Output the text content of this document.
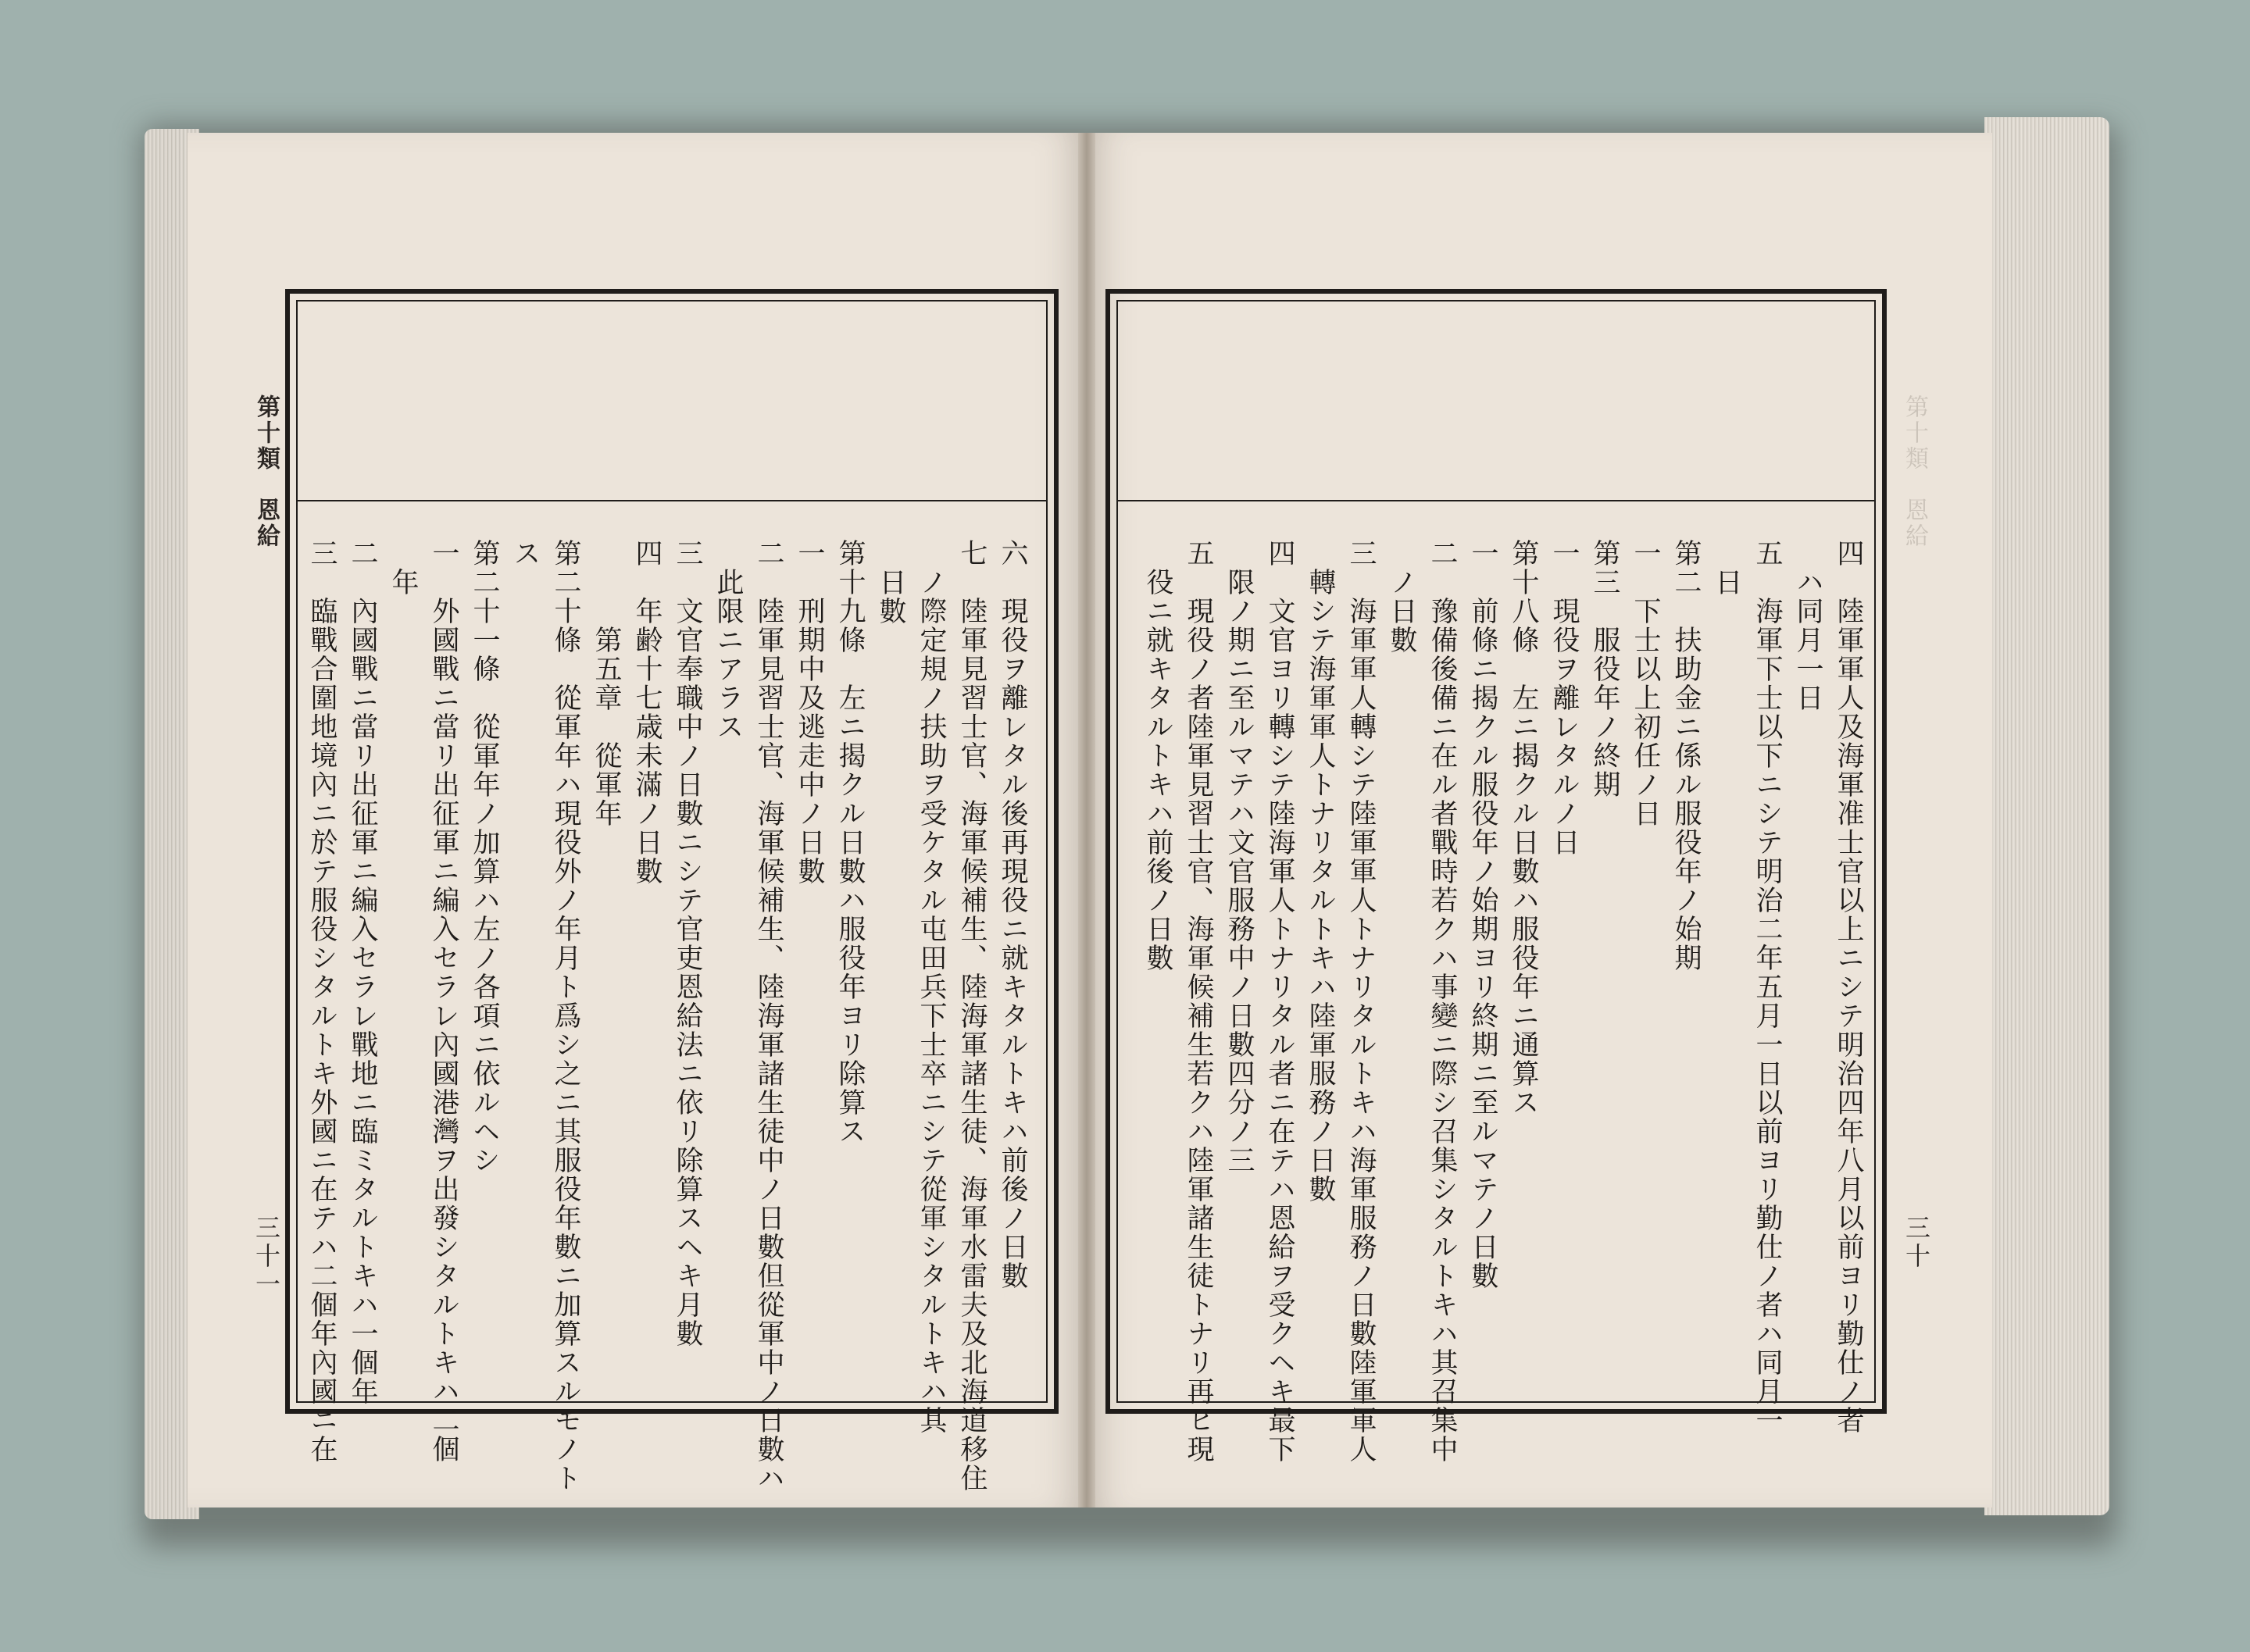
第十類　恩給
三十一
第十類　恩給
三十
六　現役ヲ離レタル後再現役ニ就キタルトキハ前後ノ日數
七　陸軍見習士官、海軍候補生、陸海軍諸生徒、海軍水雷夫及北海道移住
　ノ際定規ノ扶助ヲ受ケタル屯田兵下士卒ニシテ從軍シタルトキハ其
　日數
第十九條　左ニ揭クル日數ハ服役年ヨリ除算ス
一　刑期中及逃走中ノ日數
二　陸軍見習士官、海軍候補生、陸海軍諸生徒中ノ日數但從軍中ノ日數ハ
　此限ニアラス
三　文官奉職中ノ日數ニシテ官吏恩給法ニ依リ除算スヘキ月數
四　年齢十七歳未滿ノ日數
　　　第五章　從軍年
第二十條　從軍年ハ現役外ノ年月ト爲シ之ニ其服役年數ニ加算スルモノト
ス
第二十一條　從軍年ノ加算ハ左ノ各項ニ依ルヘシ
一　外國戰ニ當リ出征軍ニ編入セラレ內國港灣ヲ出發シタルトキハ二個
　年
二　內國戰ニ當リ出征軍ニ編入セラレ戰地ニ臨ミタルトキハ一個年
三　臨戰合圍地境內ニ於テ服役シタルトキ外國ニ在テハ二個年內國ニ在	四　陸軍軍人及海軍准士官以上ニシテ明治四年八月以前ヨリ勤仕ノ者
　ハ同月一日
五　海軍下士以下ニシテ明治二年五月一日以前ヨリ勤仕ノ者ハ同月一
　日
第二　扶助金ニ係ル服役年ノ始期
一　下士以上初任ノ日
第三　服役年ノ終期
一　現役ヲ離レタルノ日
第十八條　左ニ揭クル日數ハ服役年ニ通算ス
一　前條ニ揭クル服役年ノ始期ヨリ終期ニ至ルマテノ日數
二　豫備後備ニ在ル者戰時若クハ事變ニ際シ召集シタルトキハ其召集中
　ノ日數
三　海軍軍人轉シテ陸軍軍人トナリタルトキハ海軍服務ノ日數陸軍軍人
　轉シテ海軍軍人トナリタルトキハ陸軍服務ノ日數
四　文官ヨリ轉シテ陸海軍人トナリタル者ニ在テハ恩給ヲ受クヘキ最下
　限ノ期ニ至ルマテハ文官服務中ノ日數四分ノ三
五　現役ノ者陸軍見習士官、海軍候補生若クハ陸軍諸生徒トナリ再ヒ現
　役ニ就キタルトキハ前後ノ日數
